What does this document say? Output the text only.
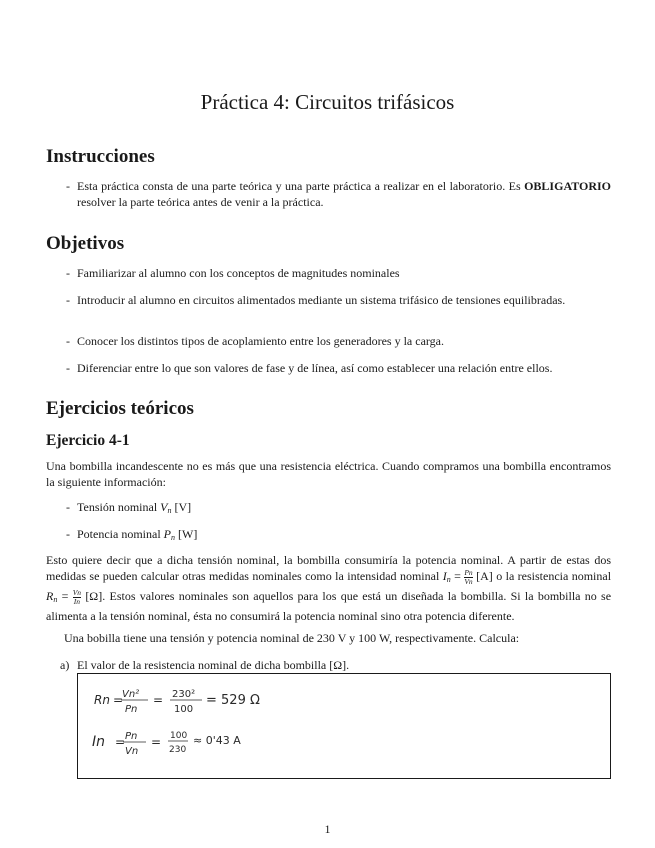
Práctica 4: Circuitos trifásicos
Instrucciones
- Esta práctica consta de una parte teórica y una parte práctica a realizar en el laboratorio. Es OBLIGATORIO resolver la parte teórica antes de venir a la práctica.
Objetivos
- Familiarizar al alumno con los conceptos de magnitudes nominales
- Introducir al alumno en circuitos alimentados mediante un sistema trifásico de tensiones equilibradas.
- Conocer los distintos tipos de acoplamiento entre los generadores y la carga.
- Diferenciar entre lo que son valores de fase y de línea, así como establecer una relación entre ellos.
Ejercicios teóricos
Ejercicio 4-1
Una bombilla incandescente no es más que una resistencia eléctrica. Cuando compramos una bombilla encontramos la siguiente información:
- Tensión nominal $V_n$ [V]
- Potencia nominal $P_n$ [W]
Esto quiere decir que a dicha tensión nominal, la bombilla consumiría la potencia nominal. A partir de estas dos medidas se pueden calcular otras medidas nominales como la intensidad nominal $I_n = \frac{Pn}{Vn} [A]$ o la resistencia nominal $R_n = \frac{Vn}{In} [\Omega]$. Estos valores nominales son aquellos para los que está un diseñada la bombilla. Si la bombilla no se alimenta a la tensión nominal, ésta no consumirá la potencia nominal sino otra potencia diferente.
Una bobilla tiene una tensión y potencia nominal de 230 V y 100 W, respectivamente. Calcula:
a) El valor de la resistencia nominal de dicha bombilla [Ω].
Rn =
Vn²
Pn
= 230²
100
= 529 Ω
In = Pn
Vn
= 100
230
≈ 0'43 A
1
